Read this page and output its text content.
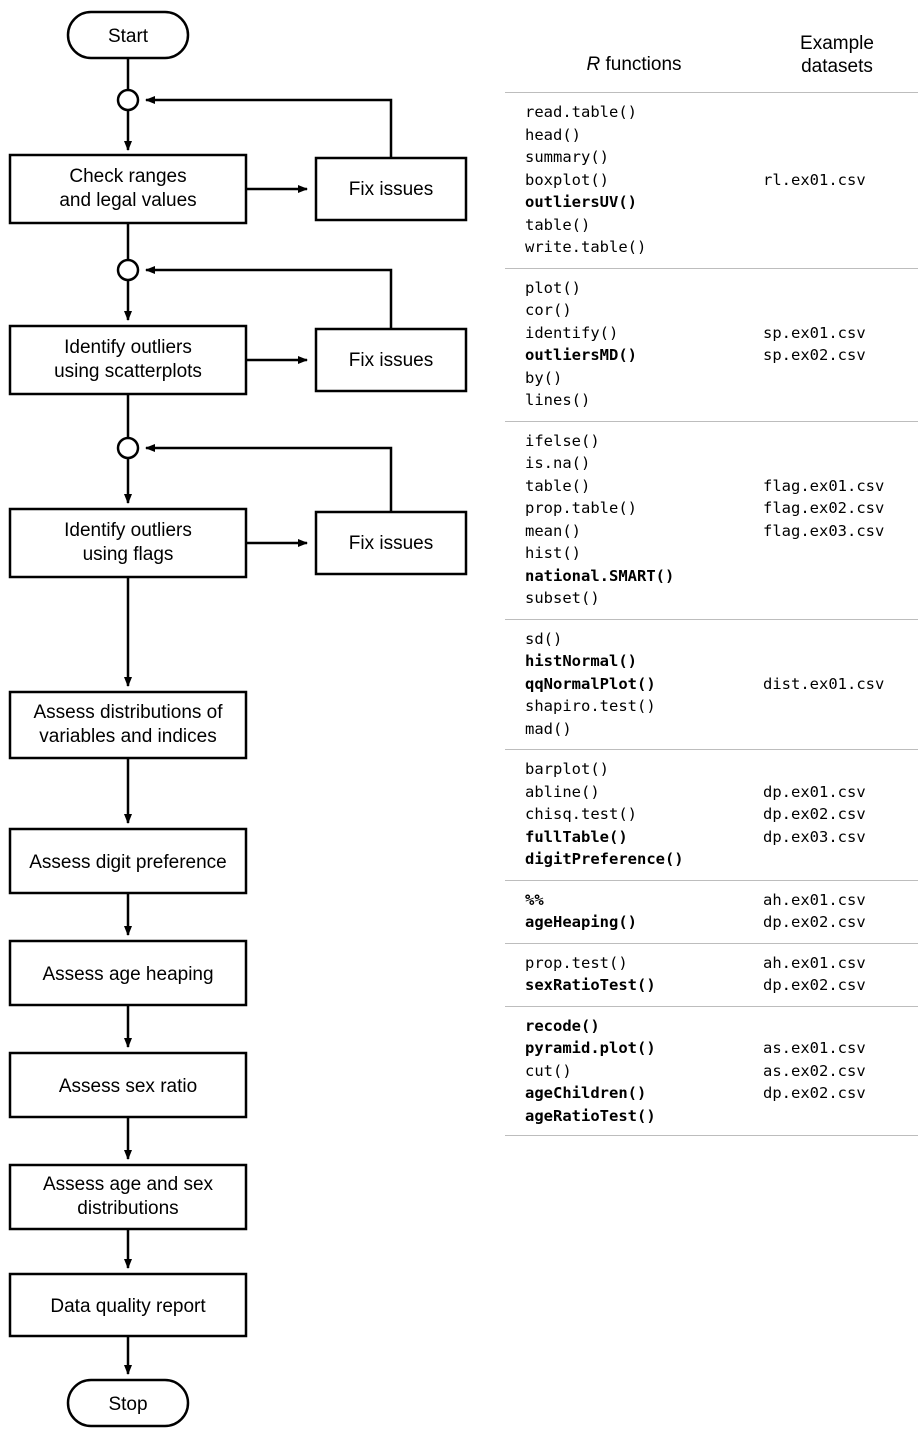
Start
Check ranges
and legal values
Fix issues
Identify outliers
using scatterplots
Fix issues
Identify outliers
using flags
Fix issues
Assess distributions of
variables and indices
Assess digit preference
Assess age heaping
Assess sex ratio
Assess age and sex
distributions
Data quality report
Stop
R functions
Example
datasets
read.table()
head()
summary()
boxplot()
outliersUV()
table()
write.table()
rl.ex01.csv
plot()
cor()
identify()
outliersMD()
by()
lines()
sp.ex01.csv
sp.ex02.csv
ifelse()
is.na()
table()
prop.table()
mean()
hist()
national.SMART()
subset()
flag.ex01.csv
flag.ex02.csv
flag.ex03.csv
sd()
histNormal()
qqNormalPlot()
shapiro.test()
mad()
dist.ex01.csv
barplot()
abline()
chisq.test()
fullTable()
digitPreference()
dp.ex01.csv
dp.ex02.csv
dp.ex03.csv
%%
ageHeaping()
ah.ex01.csv
dp.ex02.csv
prop.test()
sexRatioTest()
ah.ex01.csv
dp.ex02.csv
recode()
pyramid.plot()
cut()
ageChildren()
ageRatioTest()
as.ex01.csv
as.ex02.csv
dp.ex02.csv
